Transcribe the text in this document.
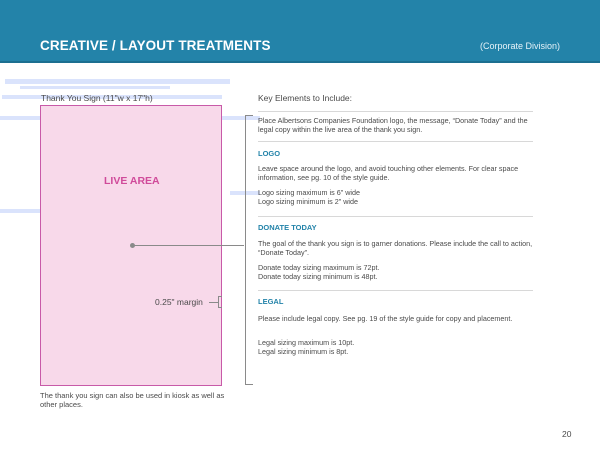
CREATIVE / LAYOUT TREATMENTS	(Corporate Division)
Thank You Sign (11"w x 17"h)
LIVE AREA
0.25" margin
The thank you sign can also be used in kiosk as well as other places.
Key Elements to Include:
Place Albertsons Companies Foundation logo, the message, “Donate Today” and the legal copy within the live area of the thank you sign.
LOGO
Leave space around the logo, and avoid touching other elements. For clear space information, see pg. 10 of the style guide.
Logo sizing maximum is 6" wide
Logo sizing minimum is 2" wide
DONATE TODAY
The goal of the thank you sign is to garner donations. Please include the call to action, “Donate Today”.
Donate today sizing maximum is 72pt.
Donate today sizing minimum is 48pt.
LEGAL
Please include legal copy. See pg. 19 of the style guide for copy and placement.
Legal sizing maximum is 10pt.
Legal sizing minimum is 8pt.
20
